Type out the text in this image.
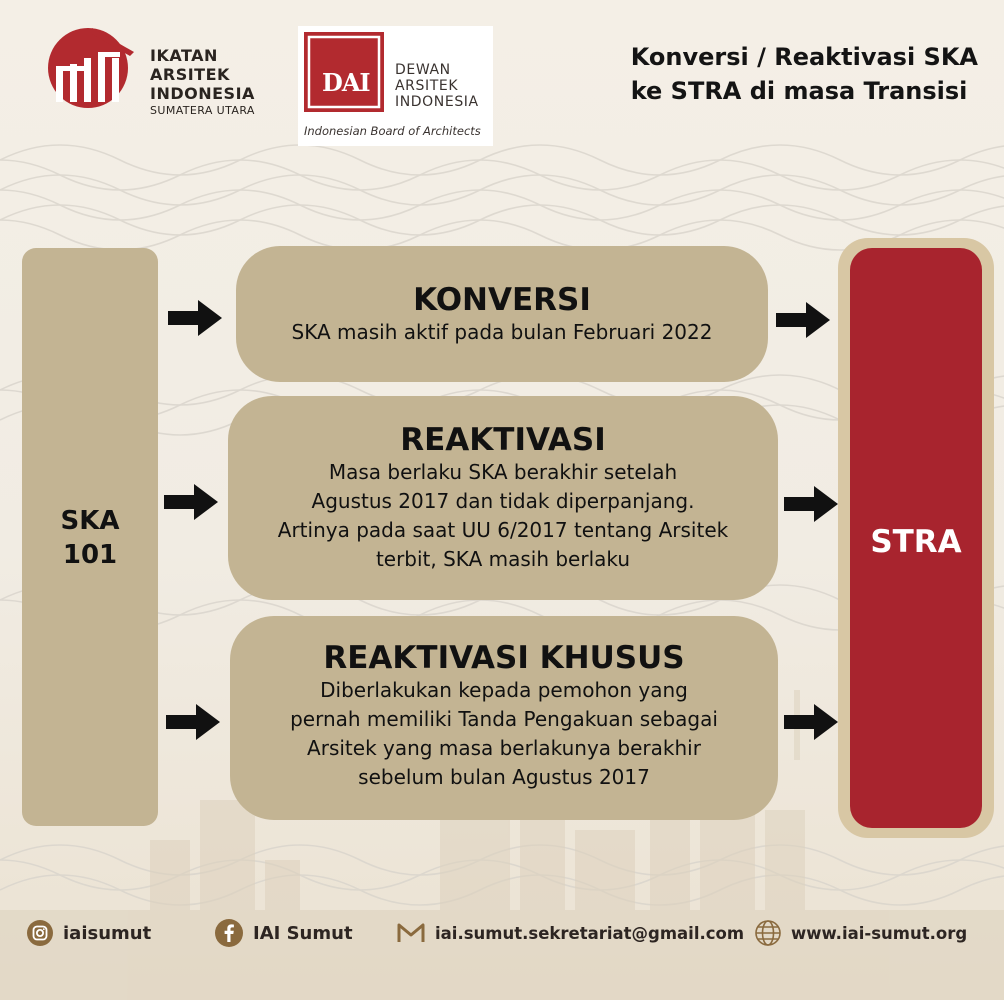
IKATAN
ARSITEK
INDONESIA
SUMATERA UTARA
DAI DEWAN
ARSITEK
INDONESIA
Indonesian Board of Architects
Konversi / Reaktivasi SKA
ke STRA di masa Transisi
SKA
101
KONVERSI
SKA masih aktif pada bulan Februari 2022
REAKTIVASI
Masa berlaku SKA berakhir setelah
Agustus 2017 dan tidak diperpanjang.
Artinya pada saat UU 6/2017 tentang Arsitek
terbit, SKA masih berlaku
REAKTIVASI KHUSUS
Diberlakukan kepada pemohon yang
pernah memiliki Tanda Pengakuan sebagai
Arsitek yang masa berlakunya berakhir
sebelum bulan Agustus 2017
STRA
iaisumut	IAI Sumut	iai.sumut.sekretariat@gmail.com	www.iai-sumut.org
